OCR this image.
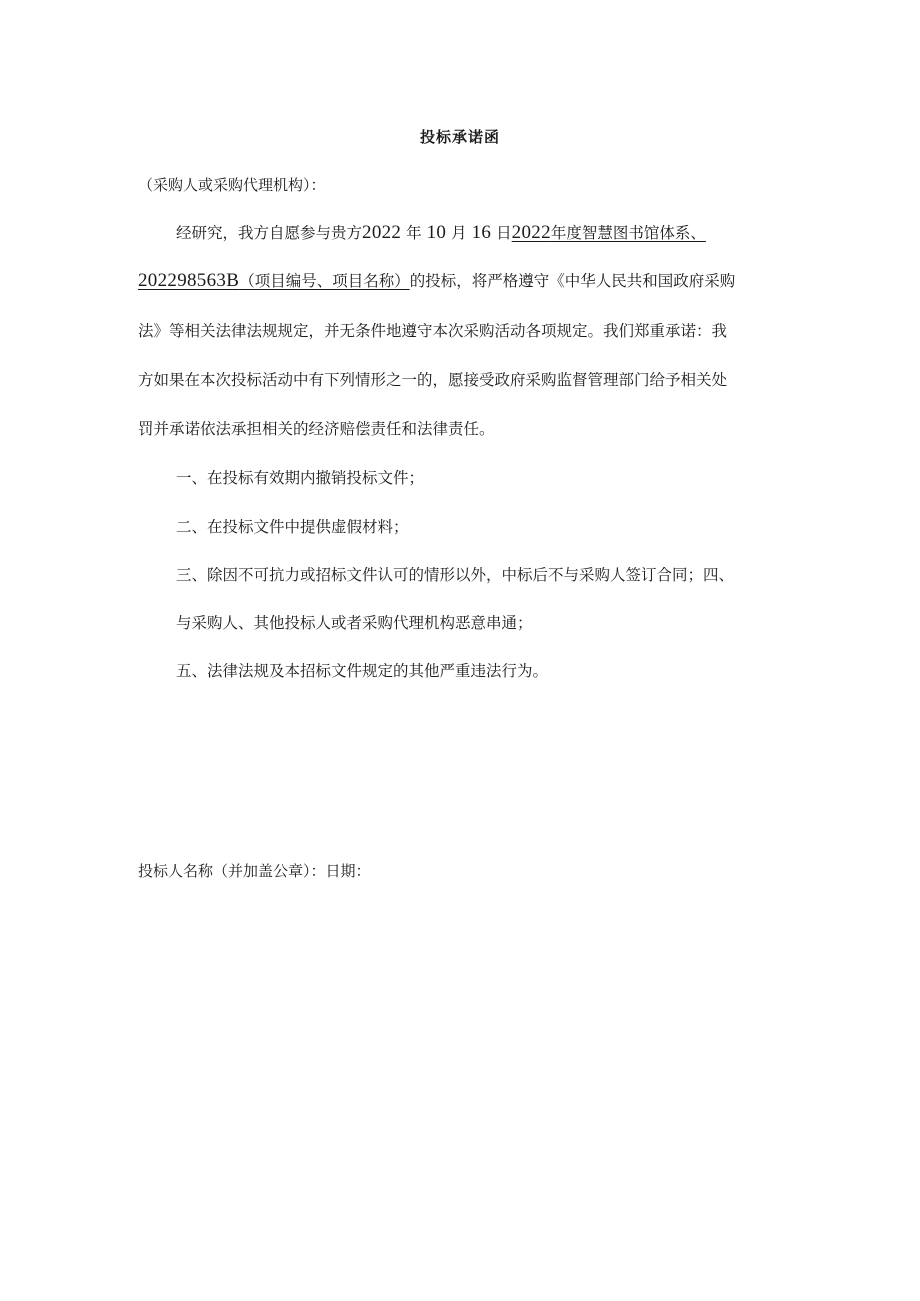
投标承诺函
（采购人或采购代理机构）：
经研究，我方自愿参与贵方2022 年 10 月 16 日2022年度智慧图书馆体系、
202298563B（项目编号、项目名称）的投标，将严格遵守《中华人民共和国政府采购
法》等相关法律法规规定，并无条件地遵守本次采购活动各项规定。我们郑重承诺：我
方如果在本次投标活动中有下列情形之一的，愿接受政府采购监督管理部门给予相关处
罚并承诺依法承担相关的经济赔偿责任和法律责任。
一、在投标有效期内撤销投标文件；
二、在投标文件中提供虚假材料；
三、除因不可抗力或招标文件认可的情形以外，中标后不与采购人签订合同；四、
与采购人、其他投标人或者采购代理机构恶意串通；
五、法律法规及本招标文件规定的其他严重违法行为。
投标人名称（并加盖公章）：日期：
